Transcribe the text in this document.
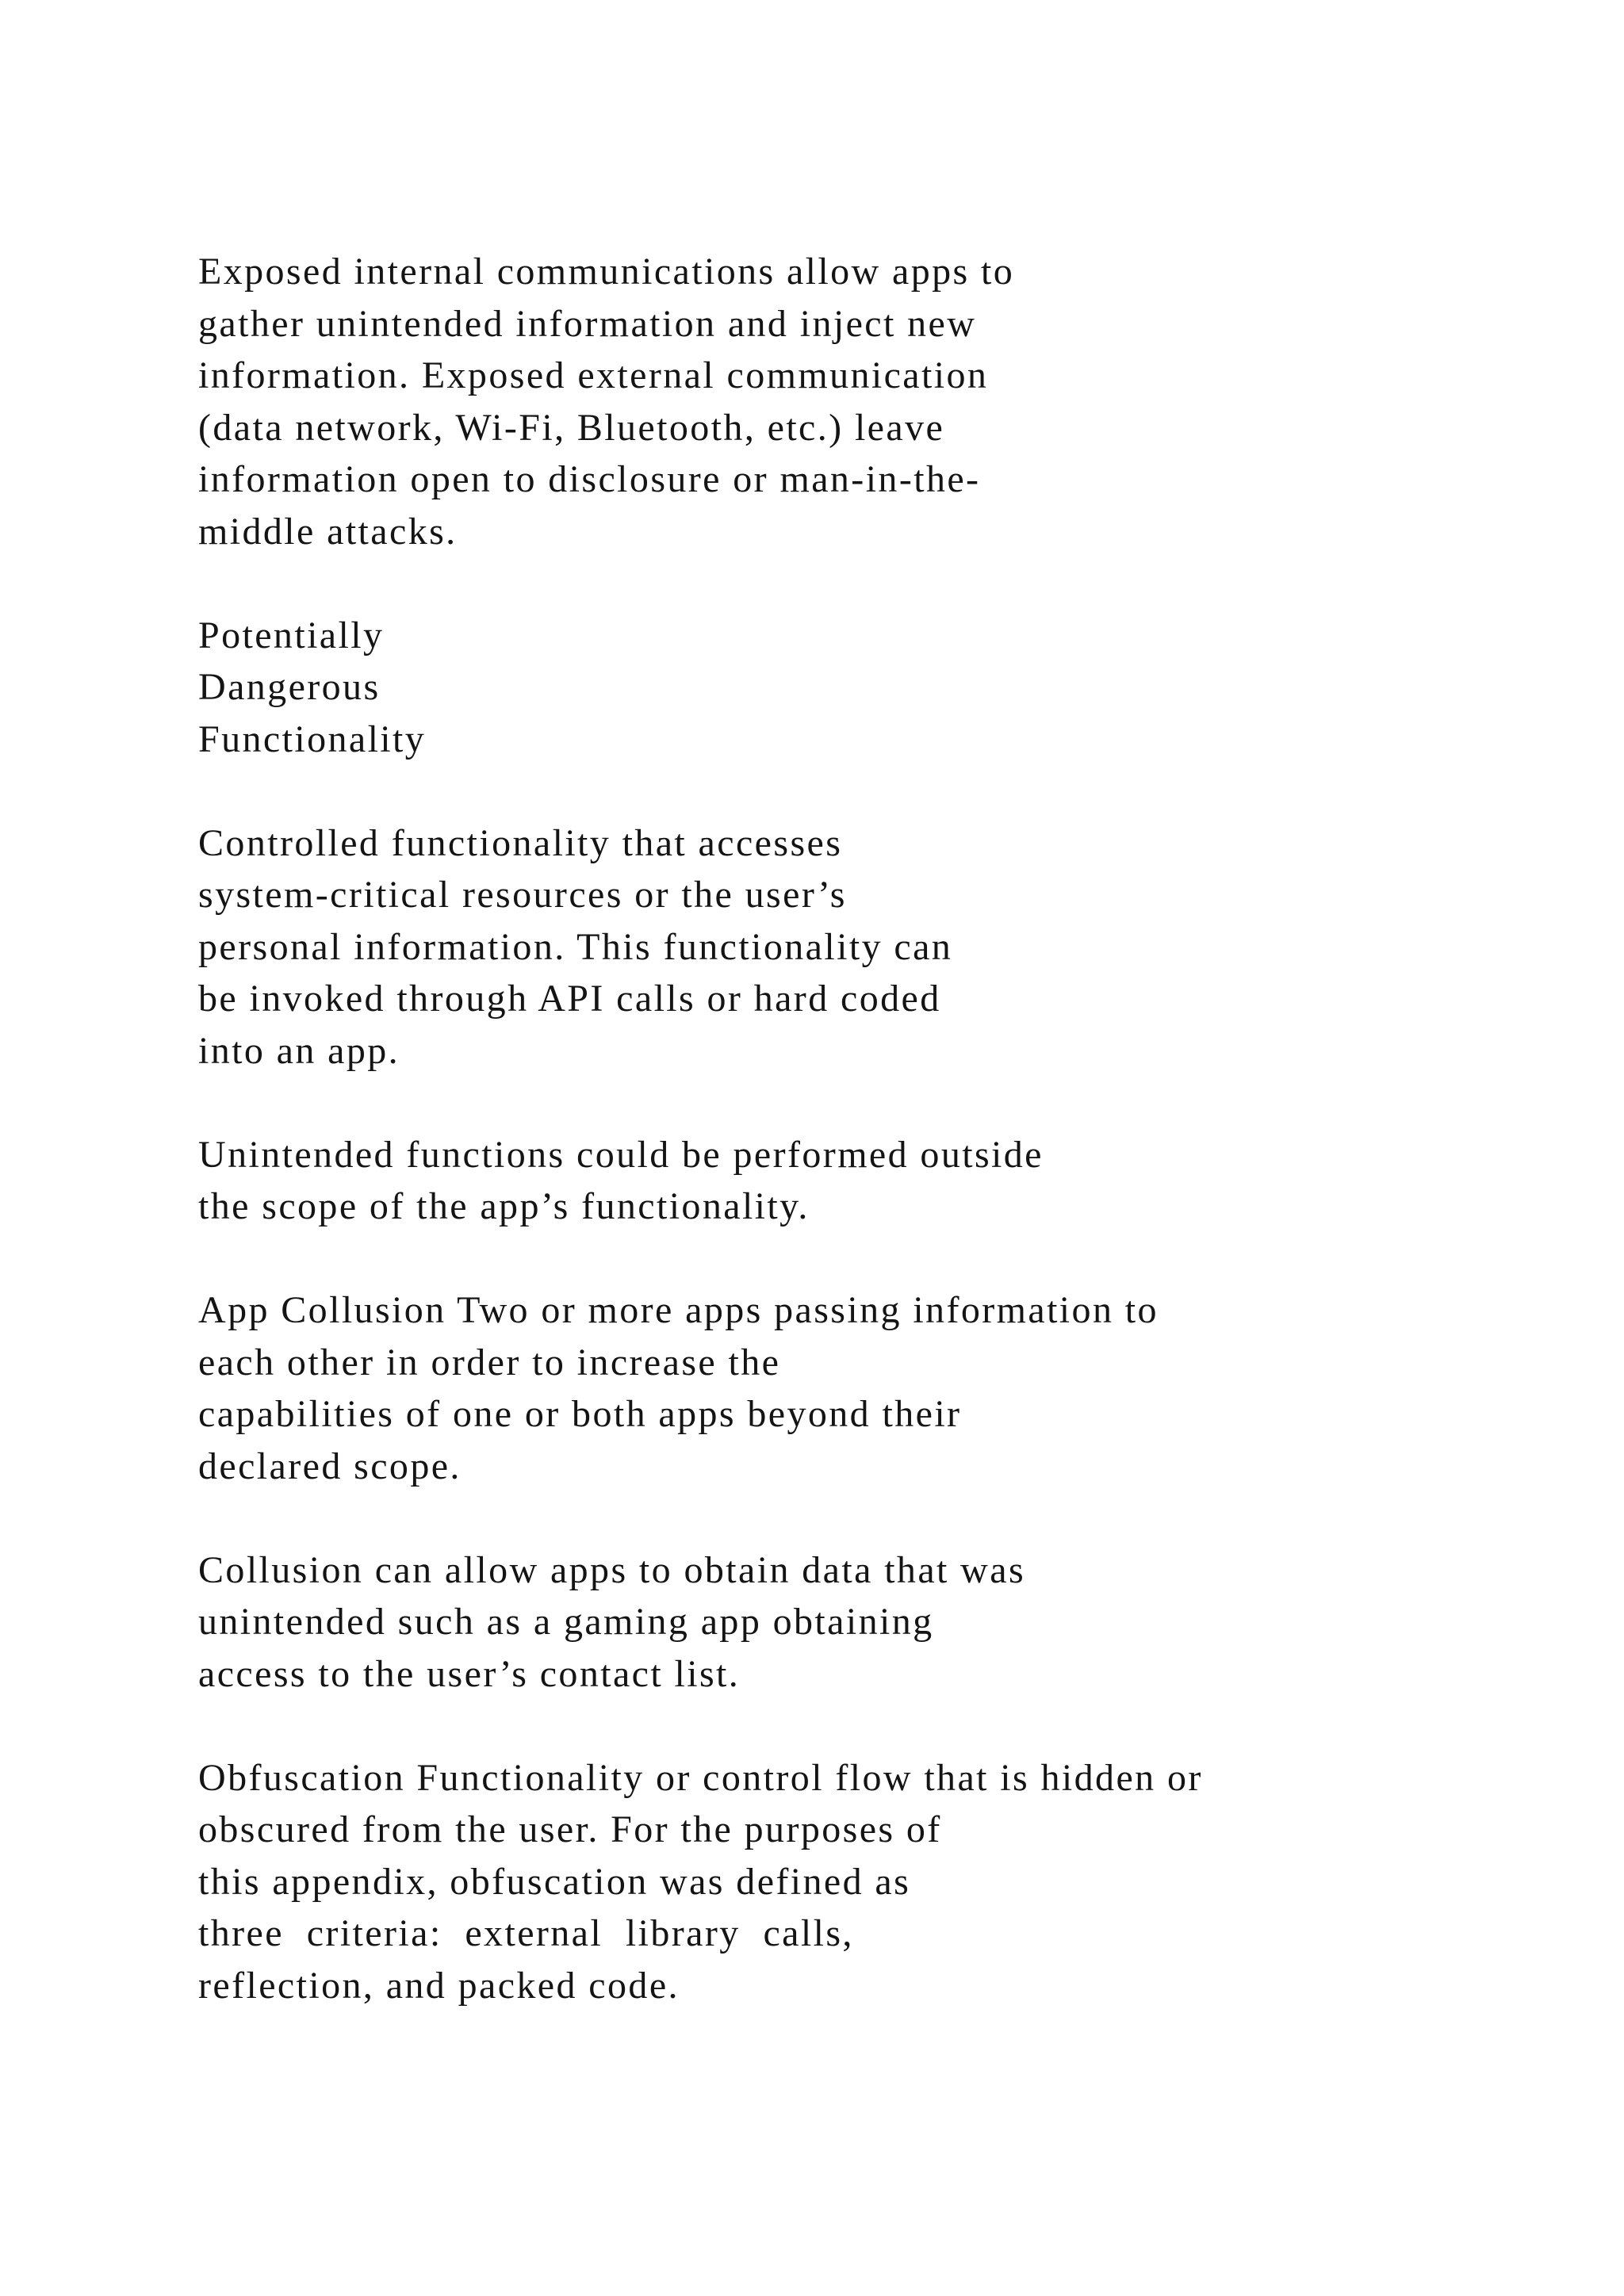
Exposed internal communications allow apps to
gather unintended information and inject new
information. Exposed external communication
(data network, Wi-Fi, Bluetooth, etc.) leave
information open to disclosure or man-in-the-
middle attacks.

Potentially
Dangerous
Functionality

Controlled functionality that accesses
system-critical resources or the user’s
personal information. This functionality can
be invoked through API calls or hard coded
into an app.

Unintended functions could be performed outside
the scope of the app’s functionality.

App Collusion Two or more apps passing information to
each other in order to increase the
capabilities of one or both apps beyond their
declared scope.

Collusion can allow apps to obtain data that was
unintended such as a gaming app obtaining
access to the user’s contact list.

Obfuscation Functionality or control flow that is hidden or
obscured from the user. For the purposes of
this appendix, obfuscation was defined as
three  criteria:  external  library  calls,
reflection, and packed code.
